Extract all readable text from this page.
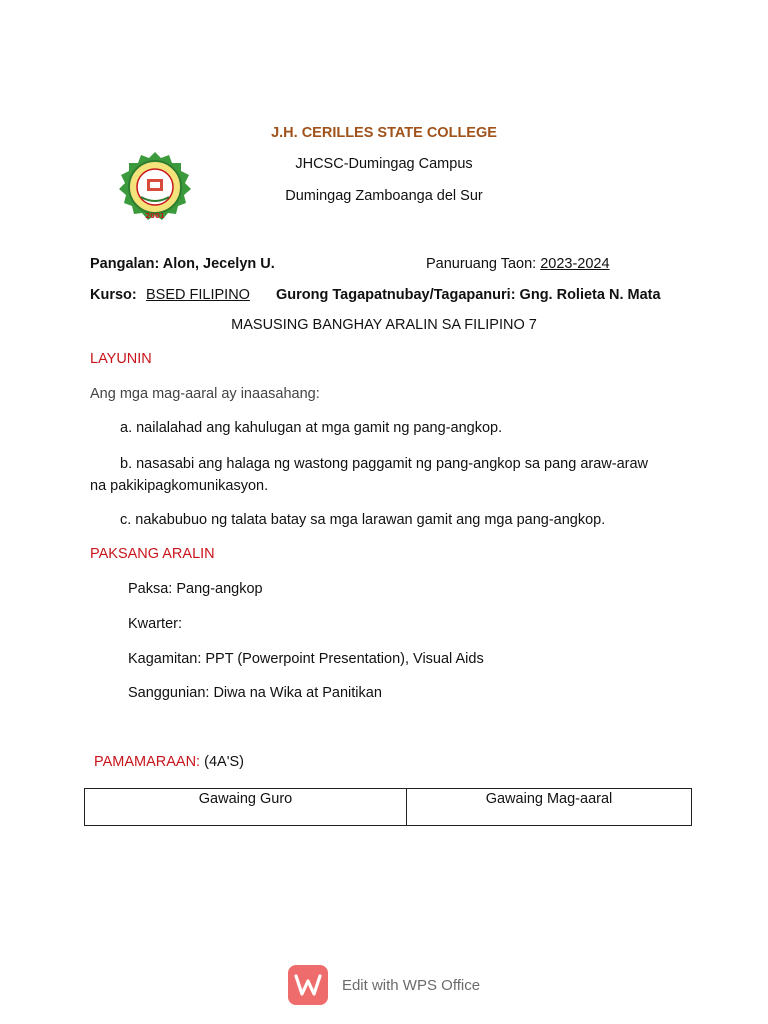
J.H. CERILLES STATE COLLEGE
JHCSC-Dumingag Campus
Dumingag Zamboanga del Sur
2001
Pangalan: Alon, Jecelyn U.	Panuruang Taon: 2023-2024
Kurso: BSED FILIPINO Gurong Tagapatnubay/Tagapanuri: Gng. Rolieta N. Mata
MASUSING BANGHAY ARALIN SA FILIPINO 7
LAYUNIN
Ang mga mag-aaral ay inaasahang:
a. nailalahad ang kahulugan at mga gamit ng pang-angkop.
b. nasasabi ang halaga ng wastong paggamit ng pang-angkop sa pang araw-araw
na pakikipagkomunikasyon.
c. nakabubuo ng talata batay sa mga larawan gamit ang mga pang-angkop.
PAKSANG ARALIN
Paksa: Pang-angkop
Kwarter:
Kagamitan: PPT (Powerpoint Presentation), Visual Aids
Sanggunian: Diwa na Wika at Panitikan
PAMAMARAAN: (4A'S)
Gawaing Guro	Gawaing Mag-aaral
Edit with WPS Office
